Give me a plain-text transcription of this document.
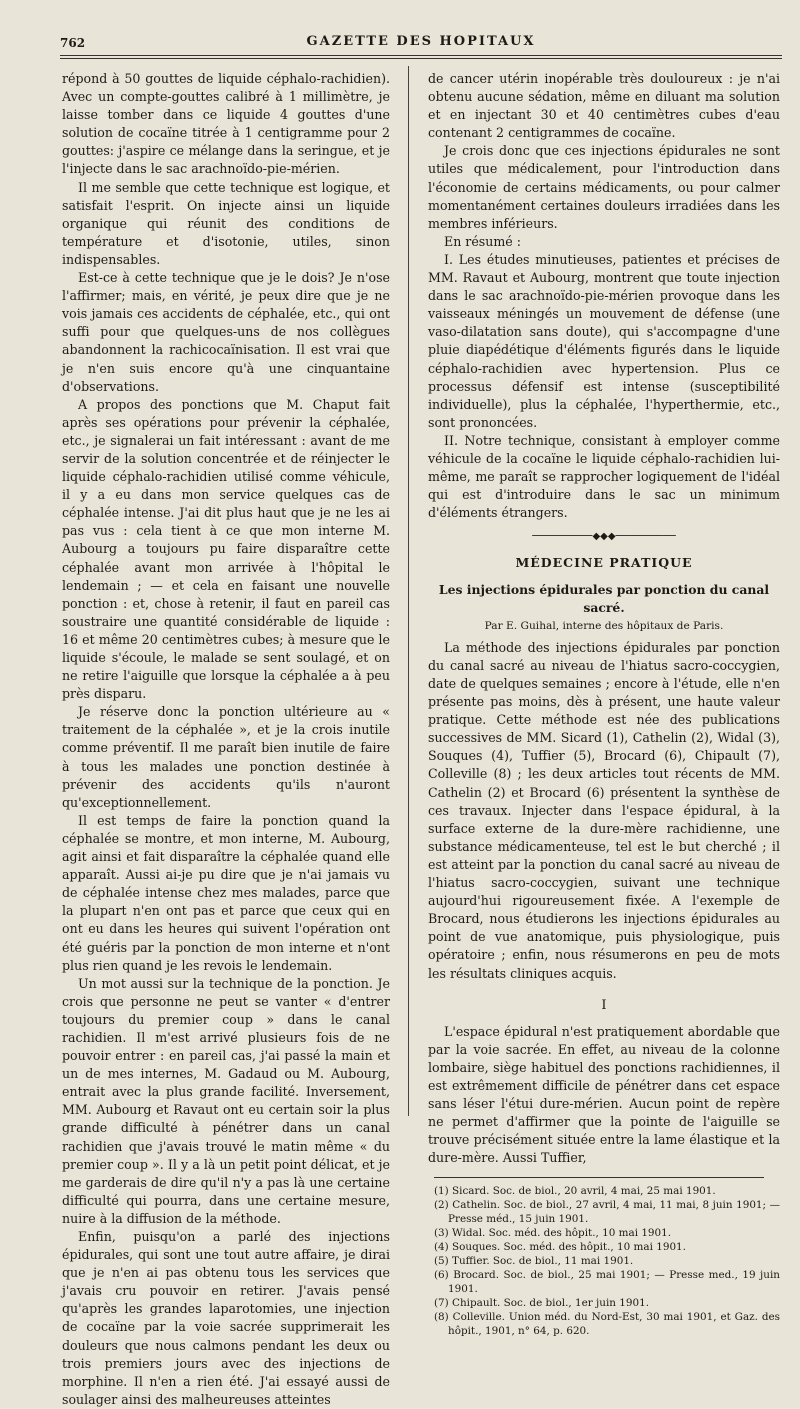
762	GAZETTE DES HOPITAUX

répond à 50 gouttes de liquide céphalo-rachidien). Avec un compte-gouttes calibré à 1 millimètre, je laisse tomber dans ce liquide 4 gouttes d'une solution de cocaïne titrée à 1 centigramme pour 2 gouttes: j'aspire ce mélange dans la seringue, et je l'injecte dans le sac arachnoïdo-pie-mérien.

Il me semble que cette technique est logique, et satisfait l'esprit. On injecte ainsi un liquide organique qui réunit des conditions de température et d'isotonie, utiles, sinon indispensables.

Est-ce à cette technique que je le dois? Je n'ose l'affirmer; mais, en vérité, je peux dire que je ne vois jamais ces accidents de céphalée, etc., qui ont suffi pour que quelques-uns de nos collègues abandonnent la rachicocaïnisation. Il est vrai que je n'en suis encore qu'à une cinquantaine d'observations.

A propos des ponctions que M. Chaput fait après ses opérations pour prévenir la céphalée, etc., je signalerai un fait intéressant : avant de me servir de la solution concentrée et de réinjecter le liquide céphalo-rachidien utilisé comme véhicule, il y a eu dans mon service quelques cas de céphalée intense. J'ai dit plus haut que je ne les ai pas vus : cela tient à ce que mon interne M. Aubourg a toujours pu faire disparaître cette céphalée avant mon arrivée à l'hôpital le lendemain ; — et cela en faisant une nouvelle ponction : et, chose à retenir, il faut en pareil cas soustraire une quantité considérable de liquide : 16 et même 20 centimètres cubes; à mesure que le liquide s'écoule, le malade se sent soulagé, et on ne retire l'aiguille que lorsque la céphalée a à peu près disparu.

Je réserve donc la ponction ultérieure au « traitement de la céphalée », et je la crois inutile comme préventif. Il me paraît bien inutile de faire à tous les malades une ponction destinée à prévenir des accidents qu'ils n'auront qu'exceptionnellement.

Il est temps de faire la ponction quand la céphalée se montre, et mon interne, M. Aubourg, agit ainsi et fait disparaître la céphalée quand elle apparaît. Aussi ai-je pu dire que je n'ai jamais vu de céphalée intense chez mes malades, parce que la plupart n'en ont pas et parce que ceux qui en ont eu dans les heures qui suivent l'opération ont été guéris par la ponction de mon interne et n'ont plus rien quand je les revois le lendemain.

Un mot aussi sur la technique de la ponction. Je crois que personne ne peut se vanter « d'entrer toujours du premier coup » dans le canal rachidien. Il m'est arrivé plusieurs fois de ne pouvoir entrer : en pareil cas, j'ai passé la main et un de mes internes, M. Gadaud ou M. Aubourg, entrait avec la plus grande facilité. Inversement, MM. Aubourg et Ravaut ont eu certain soir la plus grande difficulté à pénétrer dans un canal rachidien que j'avais trouvé le matin même « du premier coup ». Il y a là un petit point délicat, et je me garderais de dire qu'il n'y a pas là une certaine difficulté qui pourra, dans une certaine mesure, nuire à la diffusion de la méthode.

Enfin, puisqu'on a parlé des injections épidurales, qui sont une tout autre affaire, je dirai que je n'en ai pas obtenu tous les services que j'avais cru pouvoir en retirer. J'avais pensé qu'après les grandes laparotomies, une injection de cocaïne par la voie sacrée supprimerait les douleurs que nous calmons pendant les deux ou trois premiers jours avec des injections de morphine. Il n'en a rien été. J'ai essayé aussi de soulager ainsi des malheureuses atteintes

de cancer utérin inopérable très douloureux : je n'ai obtenu aucune sédation, même en diluant ma solution et en injectant 30 et 40 centimètres cubes d'eau contenant 2 centigrammes de cocaïne.

Je crois donc que ces injections épidurales ne sont utiles que médicalement, pour l'introduction dans l'économie de certains médicaments, ou pour calmer momentanément certaines douleurs irradiées dans les membres inférieurs.

En résumé :

I. Les études minutieuses, patientes et précises de MM. Ravaut et Aubourg, montrent que toute injection dans le sac arachnoïdo-pie-mérien provoque dans les vaisseaux méningés un mouvement de défense (une vaso-dilatation sans doute), qui s'accompagne d'une pluie diapédétique d'éléments figurés dans le liquide céphalo-rachidien avec hypertension. Plus ce processus défensif est intense (susceptibilité individuelle), plus la céphalée, l'hyperthermie, etc., sont prononcées.

II. Notre technique, consistant à employer comme véhicule de la cocaïne le liquide céphalo-rachidien lui-même, me paraît se rapprocher logiquement de l'idéal qui est d'introduire dans le sac un minimum d'éléments étrangers.

──────────◆◆◆──────────
MÉDECINE PRATIQUE
Les injections épidurales par ponction du canal sacré.
Par E. Guihal, interne des hôpitaux de Paris.

La méthode des injections épidurales par ponction du canal sacré au niveau de l'hiatus sacro-coccygien, date de quelques semaines ; encore à l'étude, elle n'en présente pas moins, dès à présent, une haute valeur pratique. Cette méthode est née des publications successives de MM. Sicard (1), Cathelin (2), Widal (3), Souques (4), Tuffier (5), Brocard (6), Chipault (7), Colleville (8) ; les deux articles tout récents de MM. Cathelin (2) et Brocard (6) présentent la synthèse de ces travaux. Injecter dans l'espace épidural, à la surface externe de la dure-mère rachidienne, une substance médicamenteuse, tel est le but cherché ; il est atteint par la ponction du canal sacré au niveau de l'hiatus sacro-coccygien, suivant une technique aujourd'hui rigoureusement fixée. A l'exemple de Brocard, nous étudierons les injections épidurales au point de vue anatomique, puis physiologique, puis opératoire ; enfin, nous résumerons en peu de mots les résultats cliniques acquis.

I

L'espace épidural n'est pratiquement abordable que par la voie sacrée. En effet, au niveau de la colonne lombaire, siège habituel des ponctions rachidiennes, il est extrêmement difficile de pénétrer dans cet espace sans léser l'étui dure-mérien. Aucun point de repère ne permet d'affirmer que la pointe de l'aiguille se trouve précisément située entre la lame élastique et la dure-mère. Aussi Tuffier,

(1) Sicard. Soc. de biol., 20 avril, 4 mai, 25 mai 1901.
(2) Cathelin. Soc. de biol., 27 avril, 4 mai, 11 mai, 8 juin 1901; — Presse méd., 15 juin 1901.
(3) Widal. Soc. méd. des hôpit., 10 mai 1901.
(4) Souques. Soc. méd. des hôpit., 10 mai 1901.
(5) Tuffier. Soc. de biol., 11 mai 1901.
(6) Brocard. Soc. de biol., 25 mai 1901; — Presse med., 19 juin 1901.
(7) Chipault. Soc. de biol., 1er juin 1901.
(8) Colleville. Union méd. du Nord-Est, 30 mai 1901, et Gaz. des hôpit., 1901, n° 64, p. 620.
